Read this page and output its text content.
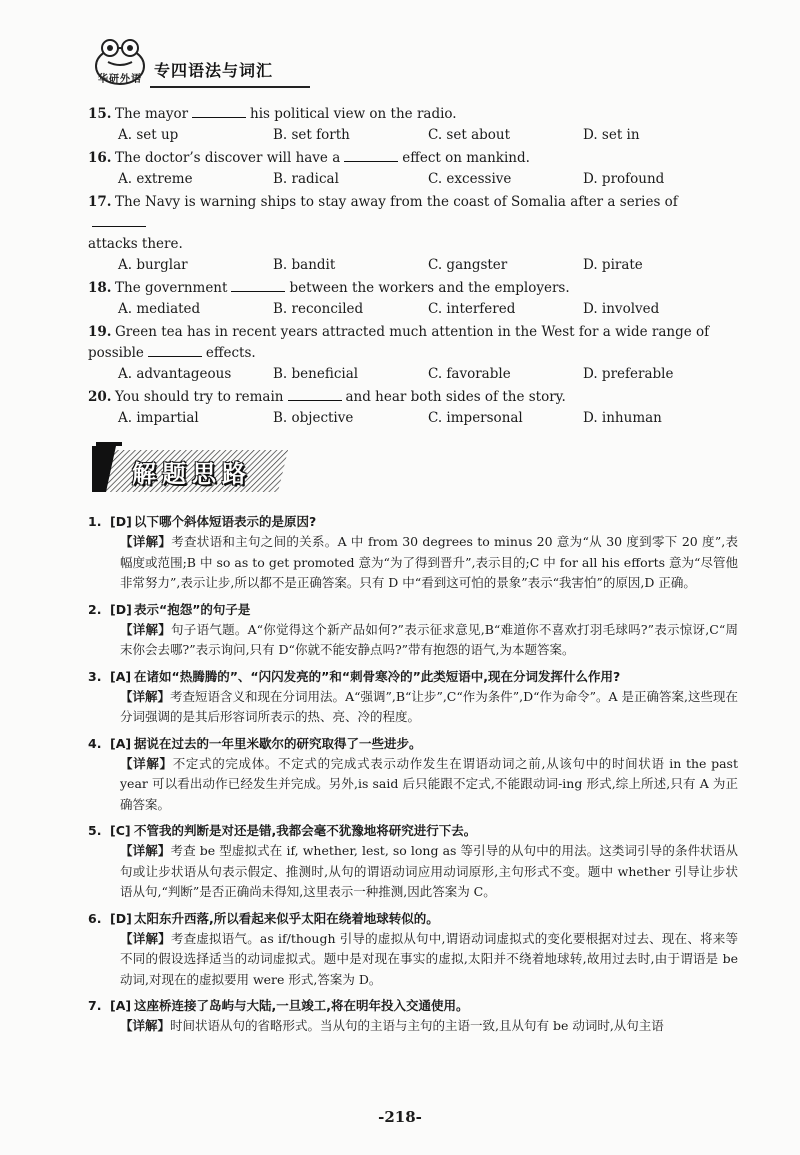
华研外语 专四语法与词汇
15. The mayor	his political view on the radio.
A. set up	B. set forth	C. set about	D. set in
16. The doctor’s discover will have a	effect on mankind.
A. extreme	B. radical	C. excessive	D. profound
17. The Navy is warning ships to stay away from the coast of Somalia after a series of
attacks there.
A. burglar	B. bandit	C. gangster	D. pirate
18. The government	between the workers and the employers.
A. mediated	B. reconciled	C. interfered	D. involved
19. Green tea has in recent years attracted much attention in the West for a wide range of
possible	effects.
A. advantageous	B. beneficial	C. favorable	D. preferable
20. You should try to remain	and hear both sides of the story.
A. impartial	B. objective	C. impersonal	D. inhuman
解题思路
1. [D] 以下哪个斜体短语表示的是原因?
【详解】考查状语和主句之间的关系。A 中 from 30 degrees to minus 20 意为“从 30 度到零下 20 度”,表幅度或范围;B 中 so as to get promoted 意为“为了得到晋升”,表示目的;C 中 for all his efforts 意为“尽管他非常努力”,表示让步,所以都不是正确答案。只有 D 中“看到这可怕的景象”表示“我害怕”的原因,D 正确。
2. [D] 表示“抱怨”的句子是
【详解】句子语气题。A“你觉得这个新产品如何?”表示征求意见,B“难道你不喜欢打羽毛球吗?”表示惊讶,C“周末你会去哪?”表示询问,只有 D“你就不能安静点吗?”带有抱怨的语气,为本题答案。
3. [A] 在诸如“热腾腾的”、“闪闪发亮的”和“刺骨寒冷的”此类短语中,现在分词发挥什么作用?
【详解】考查短语含义和现在分词用法。A“强调”,B“让步”,C“作为条件”,D“作为命令”。A 是正确答案,这些现在分词强调的是其后形容词所表示的热、亮、冷的程度。
4. [A] 据说在过去的一年里米歇尔的研究取得了一些进步。
【详解】不定式的完成体。不定式的完成式表示动作发生在谓语动词之前,从该句中的时间状语 in the past year 可以看出动作已经发生并完成。另外,is said 后只能跟不定式,不能跟动词-ing 形式,综上所述,只有 A 为正确答案。
5. [C] 不管我的判断是对还是错,我都会毫不犹豫地将研究进行下去。
【详解】考查 be 型虚拟式在 if, whether, lest, so long as 等引导的从句中的用法。这类词引导的条件状语从句或让步状语从句表示假定、推测时,从句的谓语动词应用动词原形,主句形式不变。题中 whether 引导让步状语从句,“判断”是否正确尚未得知,这里表示一种推测,因此答案为 C。
6. [D] 太阳东升西落,所以看起来似乎太阳在绕着地球转似的。
【详解】考查虚拟语气。as if/though 引导的虚拟从句中,谓语动词虚拟式的变化要根据对过去、现在、将来等不同的假设选择适当的动词虚拟式。题中是对现在事实的虚拟,太阳并不绕着地球转,故用过去时,由于谓语是 be 动词,对现在的虚拟要用 were 形式,答案为 D。
7. [A] 这座桥连接了岛屿与大陆,一旦竣工,将在明年投入交通使用。
【详解】时间状语从句的省略形式。当从句的主语与主句的主语一致,且从句有 be 动词时,从句主语
-218-
